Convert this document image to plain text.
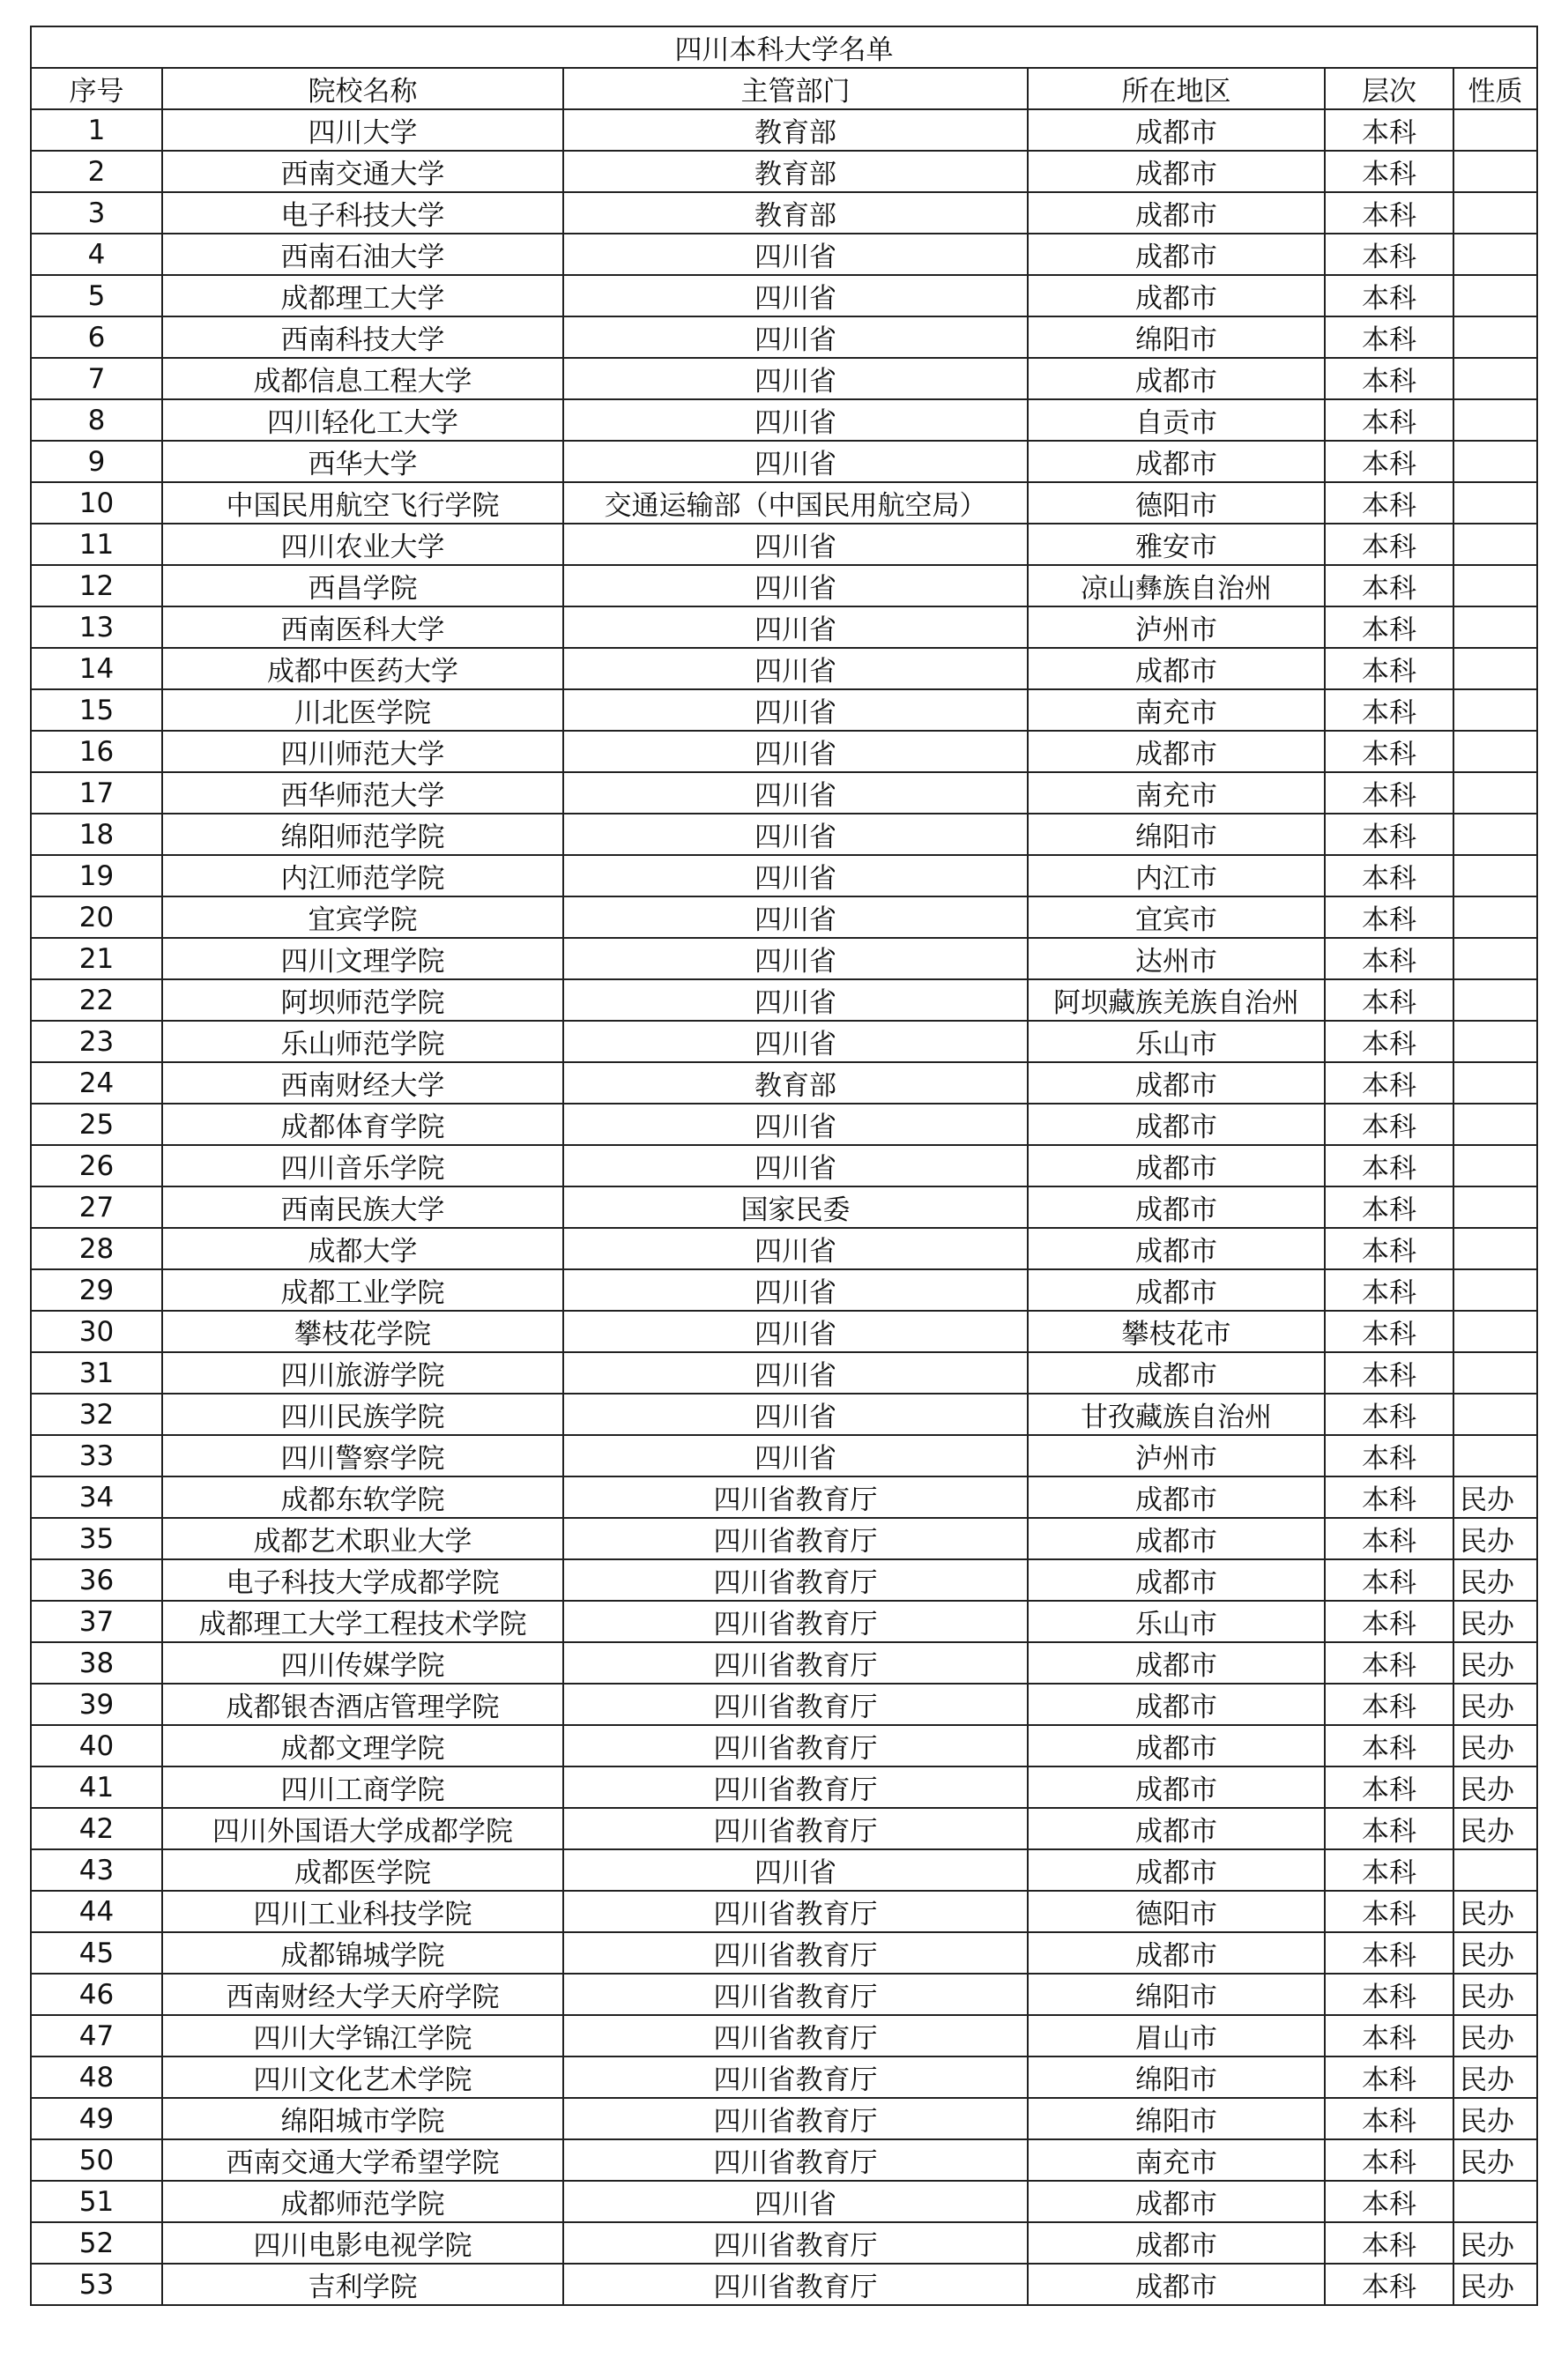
四川本科大学名单					
序号	院校名称	主管部门	所在地区	层次	性质
1	四川大学	教育部	成都市	本科	
2	西南交通大学	教育部	成都市	本科	
3	电子科技大学	教育部	成都市	本科	
4	西南石油大学	四川省	成都市	本科	
5	成都理工大学	四川省	成都市	本科	
6	西南科技大学	四川省	绵阳市	本科	
7	成都信息工程大学	四川省	成都市	本科	
8	四川轻化工大学	四川省	自贡市	本科	
9	西华大学	四川省	成都市	本科	
10	中国民用航空飞行学院	交通运输部（中国民用航空局）	德阳市	本科	
11	四川农业大学	四川省	雅安市	本科	
12	西昌学院	四川省	凉山彝族自治州	本科	
13	西南医科大学	四川省	泸州市	本科	
14	成都中医药大学	四川省	成都市	本科	
15	川北医学院	四川省	南充市	本科	
16	四川师范大学	四川省	成都市	本科	
17	西华师范大学	四川省	南充市	本科	
18	绵阳师范学院	四川省	绵阳市	本科	
19	内江师范学院	四川省	内江市	本科	
20	宜宾学院	四川省	宜宾市	本科	
21	四川文理学院	四川省	达州市	本科	
22	阿坝师范学院	四川省	阿坝藏族羌族自治州	本科	
23	乐山师范学院	四川省	乐山市	本科	
24	西南财经大学	教育部	成都市	本科	
25	成都体育学院	四川省	成都市	本科	
26	四川音乐学院	四川省	成都市	本科	
27	西南民族大学	国家民委	成都市	本科	
28	成都大学	四川省	成都市	本科	
29	成都工业学院	四川省	成都市	本科	
30	攀枝花学院	四川省	攀枝花市	本科	
31	四川旅游学院	四川省	成都市	本科	
32	四川民族学院	四川省	甘孜藏族自治州	本科	
33	四川警察学院	四川省	泸州市	本科	
34	成都东软学院	四川省教育厅	成都市	本科	民办
35	成都艺术职业大学	四川省教育厅	成都市	本科	民办
36	电子科技大学成都学院	四川省教育厅	成都市	本科	民办
37	成都理工大学工程技术学院	四川省教育厅	乐山市	本科	民办
38	四川传媒学院	四川省教育厅	成都市	本科	民办
39	成都银杏酒店管理学院	四川省教育厅	成都市	本科	民办
40	成都文理学院	四川省教育厅	成都市	本科	民办
41	四川工商学院	四川省教育厅	成都市	本科	民办
42	四川外国语大学成都学院	四川省教育厅	成都市	本科	民办
43	成都医学院	四川省	成都市	本科	
44	四川工业科技学院	四川省教育厅	德阳市	本科	民办
45	成都锦城学院	四川省教育厅	成都市	本科	民办
46	西南财经大学天府学院	四川省教育厅	绵阳市	本科	民办
47	四川大学锦江学院	四川省教育厅	眉山市	本科	民办
48	四川文化艺术学院	四川省教育厅	绵阳市	本科	民办
49	绵阳城市学院	四川省教育厅	绵阳市	本科	民办
50	西南交通大学希望学院	四川省教育厅	南充市	本科	民办
51	成都师范学院	四川省	成都市	本科	
52	四川电影电视学院	四川省教育厅	成都市	本科	民办
53	吉利学院	四川省教育厅	成都市	本科	民办
